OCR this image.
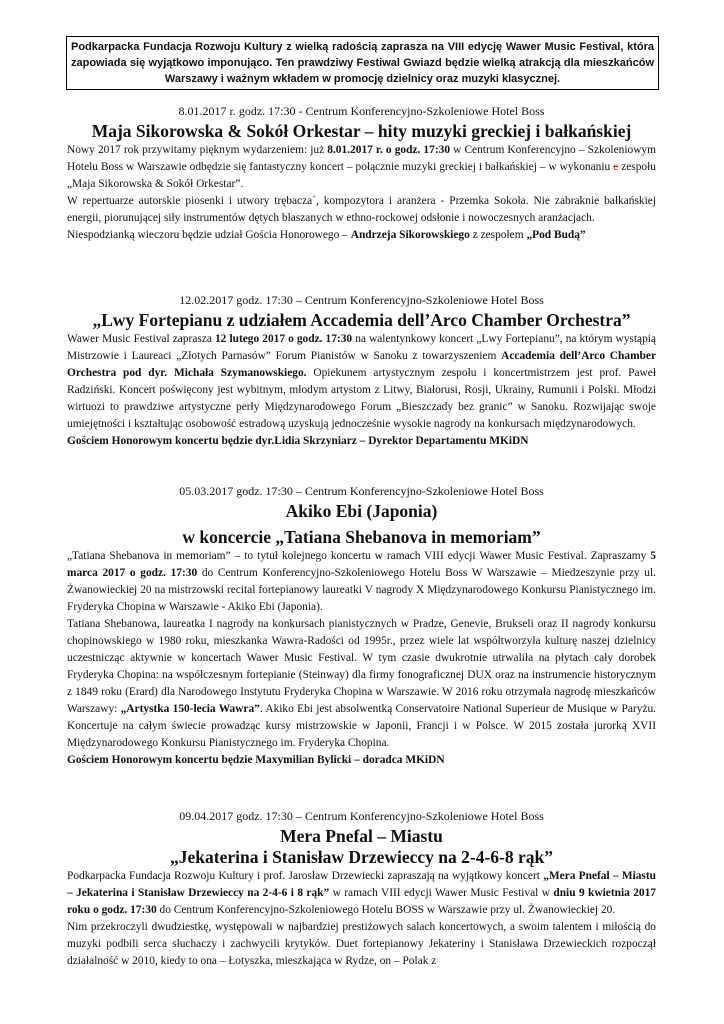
Podkarpacka Fundacja Rozwoju Kultury z wielką radością zaprasza na VIII edycję Wawer Music Festival, która zapowiada się wyjątkowo imponująco. Ten prawdziwy Festiwal Gwiazd będzie wielką atrakcją dla mieszkańców Warszawy i ważnym wkładem w promocję dzielnicy oraz muzyki klasycznej.
8.01.2017 r. godz. 17:30 - Centrum Konferencyjno-Szkoleniowe Hotel Boss
Maja Sikorowska & Sokół Orkestar – hity muzyki greckiej i bałkańskiej

Nowy 2017 rok przywitamy pięknym wydarzeniem: już 8.01.2017 r. o godz. 17:30 w Centrum Konferencyjno – Szkoleniowym Hotelu Boss w Warszawie odbędzie się fantastyczny koncert – połącznie muzyki greckiej i bałkańskiej – w wykonaniu e zespołu „Maja Sikorowska & Sokół Orkestar”.

W repertuarze autorskie piosenki i utwory trębacza`, kompozytora i aranżera - Przemka Sokoła. Nie zabraknie bałkańskiej energii, piorunującej siły instrumentów dętych blaszanych w ethno-rockowej odsłonie i nowoczesnych aranżacjach.

Niespodzianką wieczoru będzie udział Gościa Honorowego – Andrzeja Sikorowskiego z zespołem „Pod Budą”

12.02.2017 godz. 17:30 – Centrum Konferencyjno-Szkoleniowe Hotel Boss
„Lwy Fortepianu z udziałem Accademia dell’Arco Chamber Orchestra”

Wawer Music Festival zaprasza 12 lutego 2017 o godz. 17:30 na walentynkowy koncert „Lwy Fortepianu”, na którym wystąpią Mistrzowie i Laureaci „Złotych Parnasów” Forum Pianistów w Sanoku z towarzyszeniem Accademia dell’Arco Chamber Orchestra pod dyr. Michała Szymanowskiego. Opiekunem artystycznym zespołu i koncertmistrzem jest prof. Paweł Radziński. Koncert poświęcony jest wybitnym, młodym artystom z Litwy, Białorusi, Rosji, Ukrainy, Rumunii i Polski. Młodzi wirtuozi to prawdziwe artystyczne perły Międzynarodowego Forum „Bieszczady bez granic” w Sanoku. Rozwijając swoje umiejętności i kształtując osobowość estradową uzyskują jednocześnie wysokie nagrody na konkursach międzynarodowych.

Gościem Honorowym koncertu będzie dyr.Lidia Skrzyniarz – Dyrektor Departamentu MKiDN

05.03.2017 godz. 17:30 – Centrum Konferencyjno-Szkoleniowe Hotel Boss
Akiko Ebi (Japonia)
w koncercie „Tatiana Shebanova in memoriam”

„Tatiana Shebanova in memoriam” – to tytuł kolejnego koncertu w ramach VIII edycji Wawer Music Festival. Zapraszamy 5 marca 2017 o godz. 17:30 do Centrum Konferencyjno-Szkoleniowego Hotelu Boss W Warszawie – Miedzeszynie przy ul. Żwanowieckiej 20 na mistrzowski recital fortepianowy laureatki V nagrody X Międzynarodowego Konkursu Pianistycznego im. Fryderyka Chopina w Warszawie - Akiko Ebi (Japonia).

Tatiana Shebanowa, laureatka I nagrody na konkursach pianistycznych w Pradze, Genevie, Brukseli oraz II nagrody konkursu chopinowskiego w 1980 roku, mieszkanka Wawra-Radości od 1995r., przez wiele lat współtworzyła kulturę naszej dzielnicy uczestnicząc aktywnie w koncertach Wawer Music Festival. W tym czasie dwukrotnie utrwaliła na płytach cały dorobek Fryderyka Chopina: na współczesnym fortepianie (Steinway) dla firmy fonograficznej DUX oraz na instrumencie historycznym z 1849 roku (Erard) dla Narodowego Instytutu Fryderyka Chopina w Warszawie. W 2016 roku otrzymała nagrodę mieszkańców Warszawy: „Artystka 150-lecia Wawra”. Akiko Ebi jest absolwentką Conservatoire National Superieur de Musique w Paryżu. Koncertuje na całym świecie prowadząc kursy mistrzowskie w Japonii, Francji i w Polsce. W 2015 została jurorką XVII Międzynarodowego Konkursu Pianistycznego im. Fryderyka Chopina.

Gościem Honorowym koncertu będzie Maxymilian Bylicki – doradca MKiDN

09.04.2017 godz. 17:30 – Centrum Konferencyjno-Szkoleniowe Hotel Boss
Mera Pnefal – Miastu
„Jekaterina i Stanisław Drzewieccy na 2-4-6-8 rąk”

Podkarpacka Fundacja Rozwoju Kultury i prof. Jarosław Drzewiecki zapraszają na wyjątkowy koncert „Mera Pnefal – Miastu – Jekaterina i Stanisław Drzewieccy na 2-4-6 i 8 rąk” w ramach VIII edycji Wawer Music Festival w dniu 9 kwietnia 2017 roku o godz. 17:30 do Centrum Konferencyjno-Szkoleniowego Hotelu BOSS w Warszawie przy ul. Żwanowieckiej 20.

Nim przekroczyli dwudziestkę, występowali w najbardziej prestiżowych salach koncertowych, a swoim talentem i miłością do muzyki podbili serca słuchaczy i zachwycili krytyków. Duet fortepianowy Jekateriny i Stanisława Drzewieckich rozpoczął działalność w 2010, kiedy to ona – Łotyszka, mieszkająca w Rydze, on – Polak z
